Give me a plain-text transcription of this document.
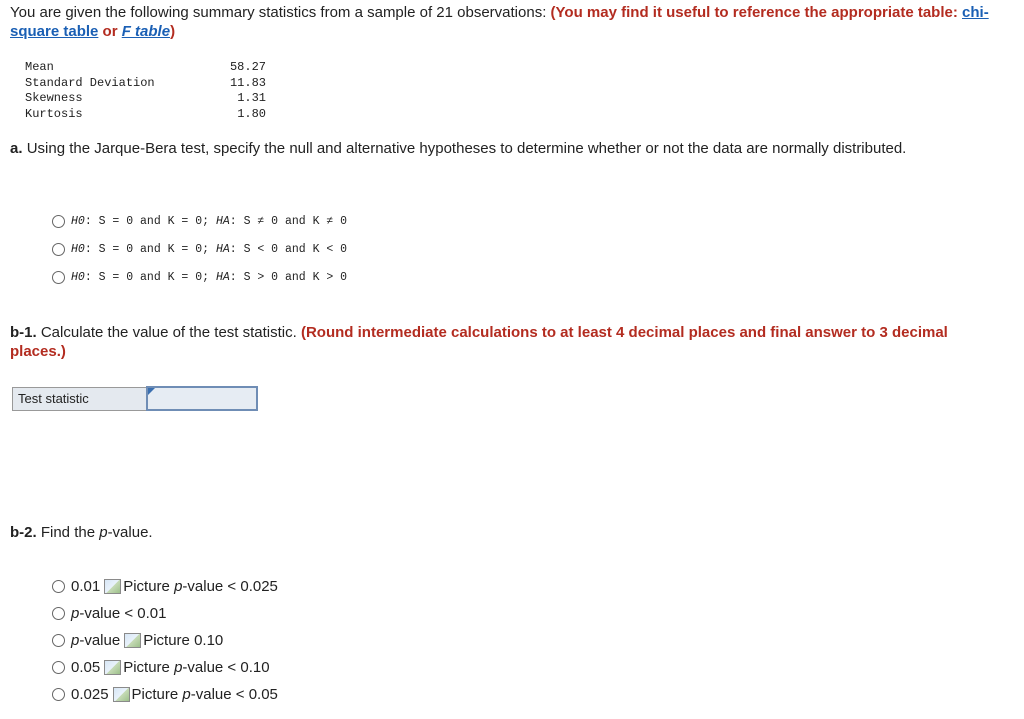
You are given the following summary statistics from a sample of 21 observations: (You may find it useful to reference the appropriate table: chi-square table or F table)
Mean	58.27
Standard Deviation	11.83
Skewness	1.31
Kurtosis	1.80
a. Using the Jarque-Bera test, specify the null and alternative hypotheses to determine whether or not the data are normally distributed.
H0: S = 0 and K = 0; HA: S ≠ 0 and K ≠ 0
H0: S = 0 and K = 0; HA: S < 0 and K < 0
H0: S = 0 and K = 0; HA: S > 0 and K > 0
b-1. Calculate the value of the test statistic. (Round intermediate calculations to at least 4 decimal places and final answer to 3 decimal places.)
Test statistic
b-2. Find the p-value.
0.01 Picture
p -value < 0.025
p -value < 0.01
p -value Picture
0.10
0.05 Picture
p -value < 0.10
0.025 Picture
p -value < 0.05
